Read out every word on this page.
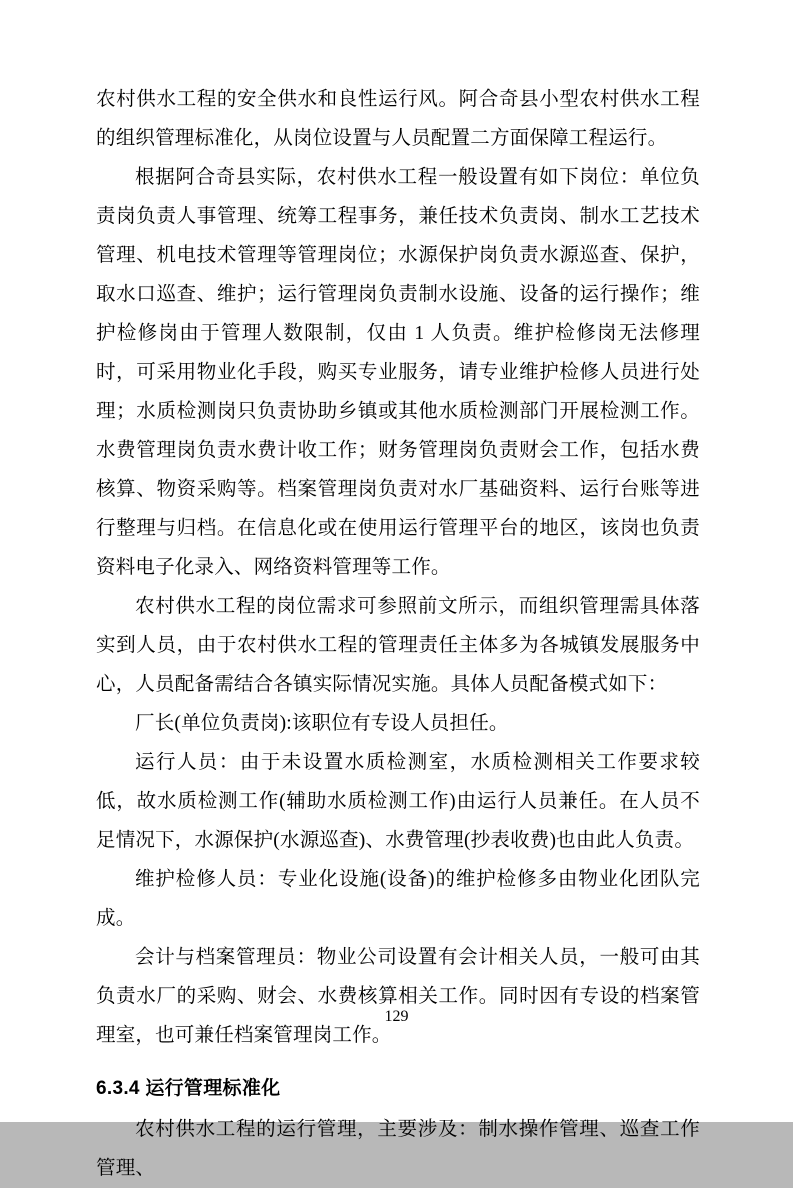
农村供水工程的安全供水和良性运行风。阿合奇县小型农村供水工程的组织管理标准化，从岗位设置与人员配置二方面保障工程运行。

根据阿合奇县实际，农村供水工程一般设置有如下岗位：单位负责岗负责人事管理、统筹工程事务，兼任技术负责岗、制水工艺技术管理、机电技术管理等管理岗位；水源保护岗负责水源巡查、保护，取水口巡查、维护；运行管理岗负责制水设施、设备的运行操作；维护检修岗由于管理人数限制，仅由 1 人负责。维护检修岗无法修理时，可采用物业化手段，购买专业服务，请专业维护检修人员进行处理；水质检测岗只负责协助乡镇或其他水质检测部门开展检测工作。水费管理岗负责水费计收工作；财务管理岗负责财会工作，包括水费核算、物资采购等。档案管理岗负责对水厂基础资料、运行台账等进行整理与归档。在信息化或在使用运行管理平台的地区，该岗也负责资料电子化录入、网络资料管理等工作。

农村供水工程的岗位需求可参照前文所示，而组织管理需具体落实到人员，由于农村供水工程的管理责任主体多为各城镇发展服务中心，人员配备需结合各镇实际情况实施。具体人员配备模式如下：

厂长(单位负责岗):该职位有专设人员担任。

运行人员：由于未设置水质检测室，水质检测相关工作要求较低，故水质检测工作(辅助水质检测工作)由运行人员兼任。在人员不足情况下，水源保护(水源巡查)、水费管理(抄表收费)也由此人负责。

维护检修人员：专业化设施(设备)的维护检修多由物业化团队完成。

会计与档案管理员：物业公司设置有会计相关人员，一般可由其负责水厂的采购、财会、水费核算相关工作。同时因有专设的档案管理室，也可兼任档案管理岗工作。

6.3.4 运行管理标准化

农村供水工程的运行管理，主要涉及：制水操作管理、巡查工作管理、

129
